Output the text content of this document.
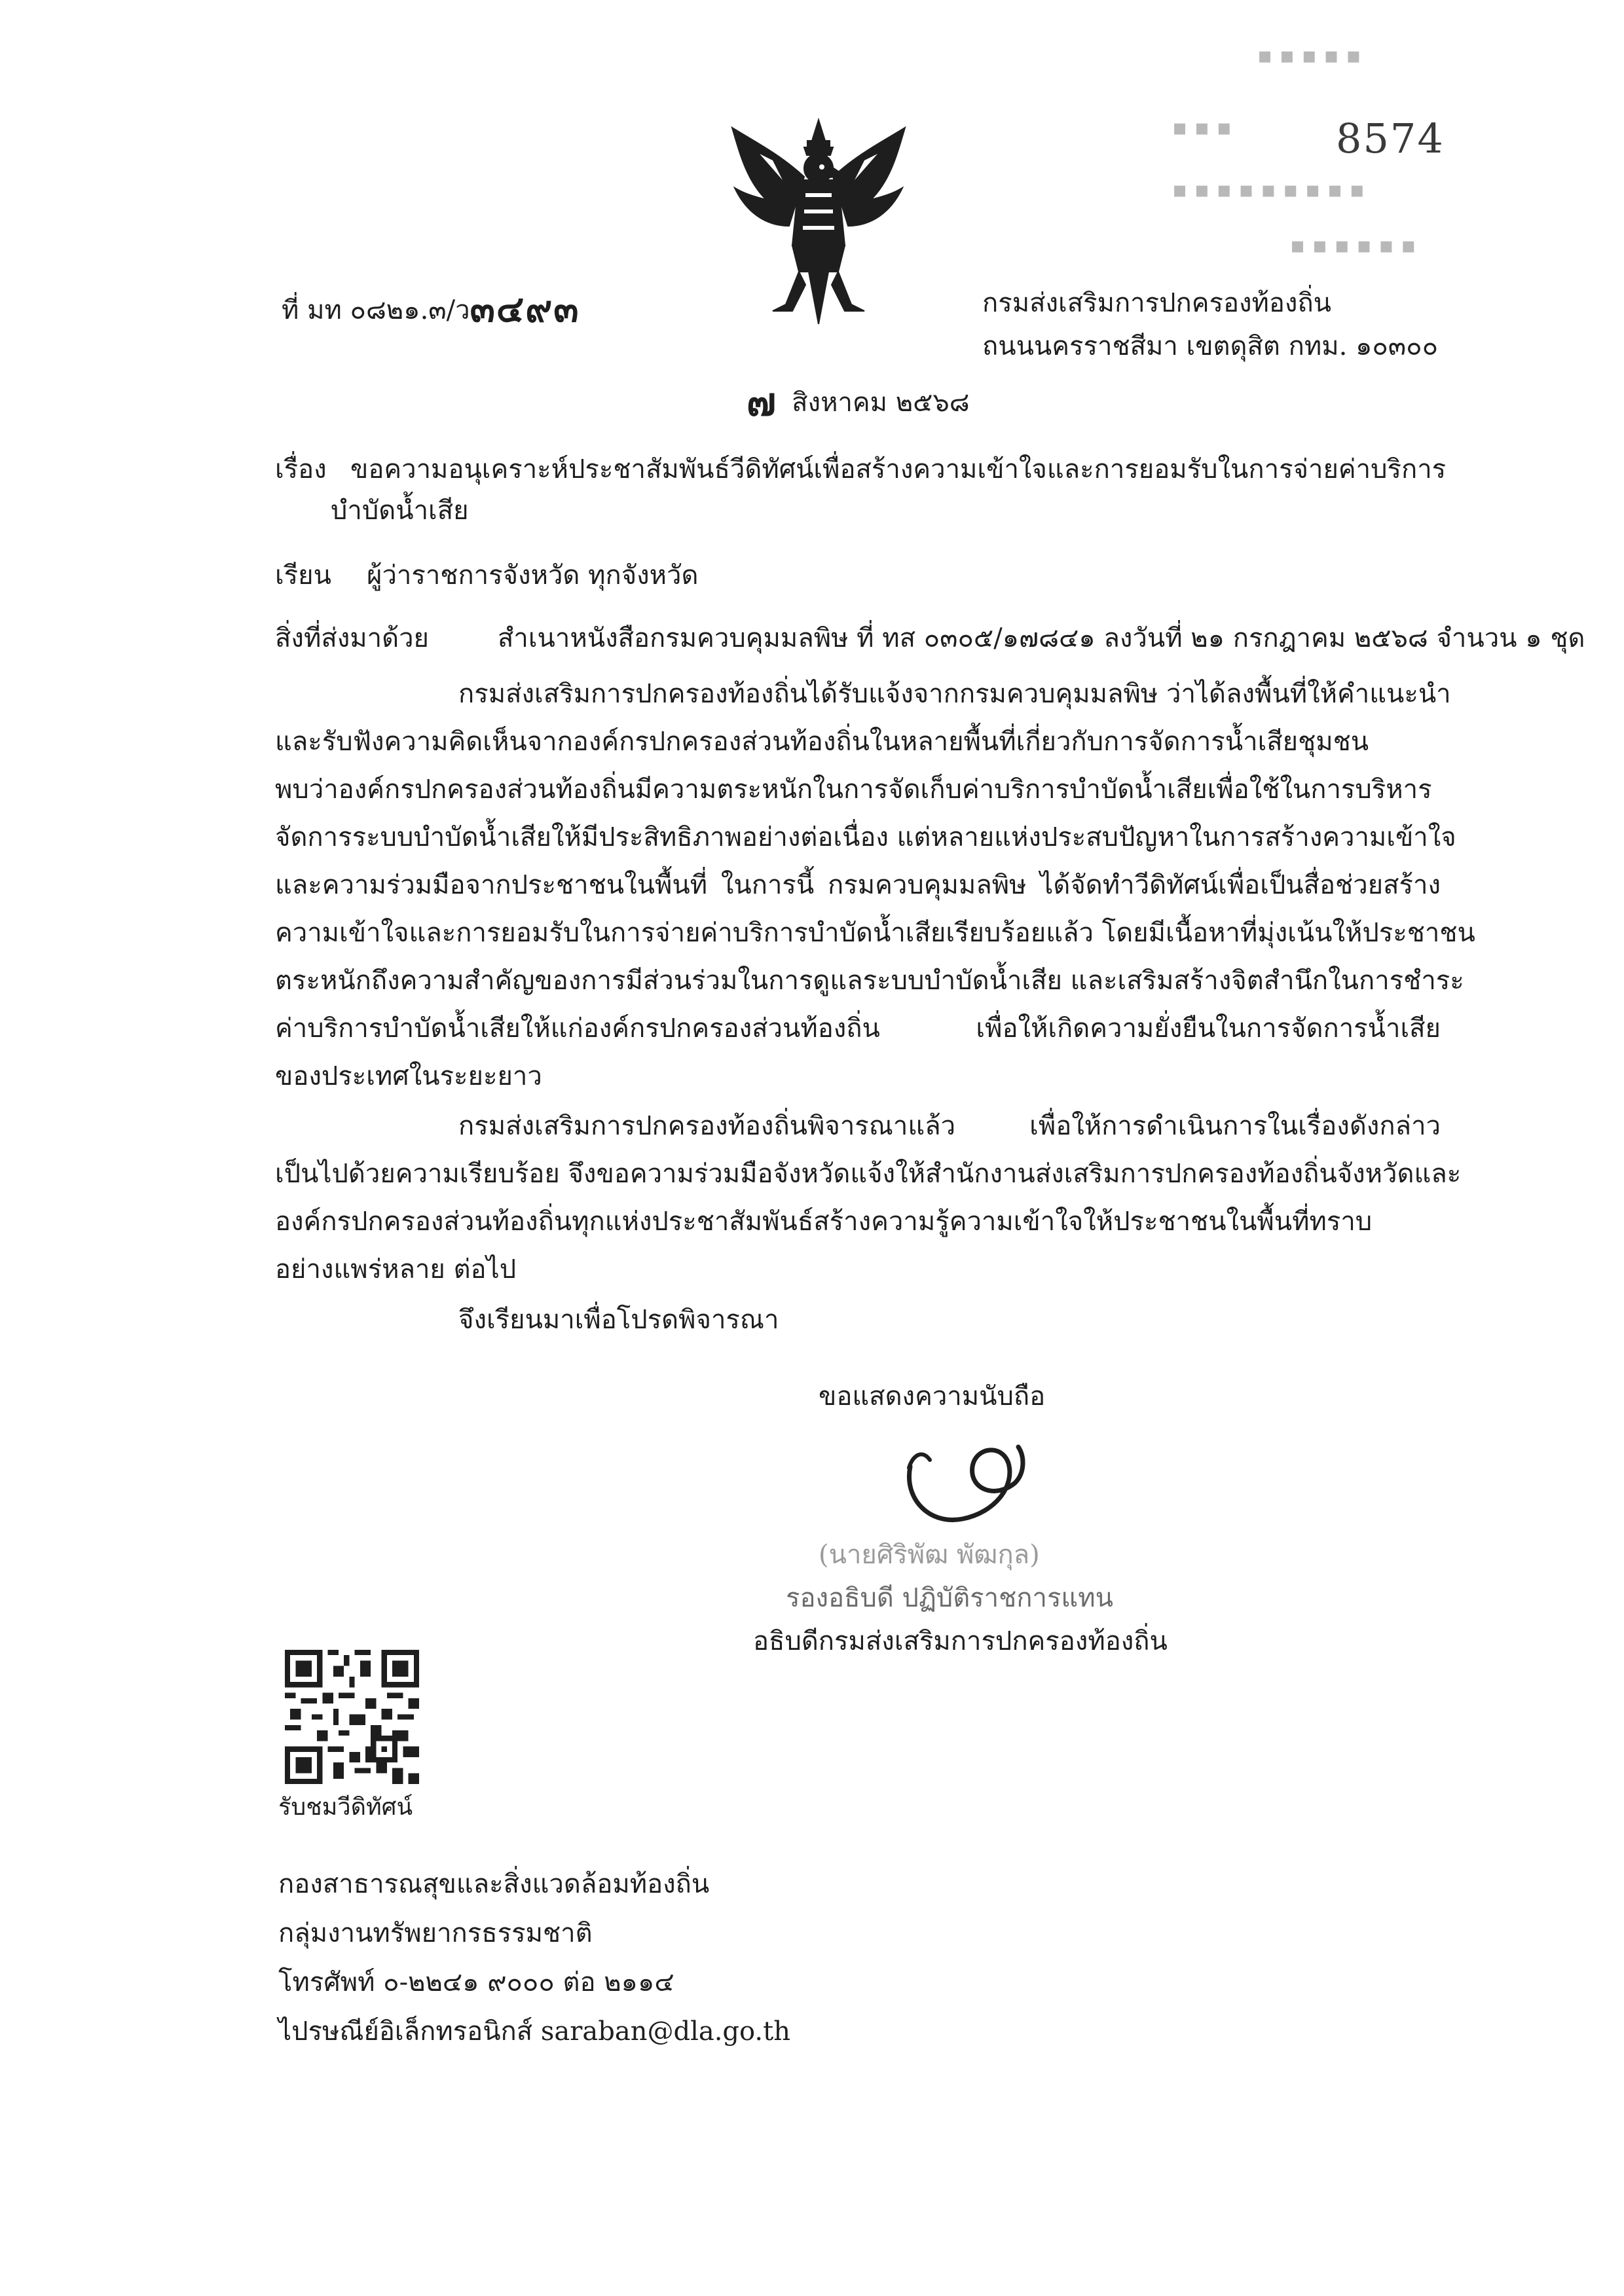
▪ ▪ ▪ ▪ ▪
▪ ▪ ▪	8574
▪ ▪ ▪ ▪ ▪ ▪ ▪ ▪ ▪
▪ ▪ ▪ ▪ ▪ ▪
ที่ มท ๐๘๒๑.๓/ว๓๔๙๓	กรมส่งเสริมการปกครองท้องถิ่น
ถนนนครราชสีมา เขตดุสิต กทม. ๑๐๓๐๐
๗ สิงหาคม ๒๕๖๘
เรื่อง ขอความอนุเคราะห์ประชาสัมพันธ์วีดิทัศน์เพื่อสร้างความเข้าใจและการยอมรับในการจ่ายค่าบริการ
บำบัดน้ำเสีย
เรียน ผู้ว่าราชการจังหวัด ทุกจังหวัด
สิ่งที่ส่งมาด้วย	สำเนาหนังสือกรมควบคุมมลพิษ ที่ ทส ๐๓๐๕/๑๗๘๔๑ ลงวันที่ ๒๑ กรกฎาคม ๒๕๖๘ จำนวน ๑ ชุด
กรมส่งเสริมการปกครองท้องถิ่นได้รับแจ้งจากกรมควบคุมมลพิษ ว่าได้ลงพื้นที่ให้คำแนะนำ
และรับฟังความคิดเห็นจากองค์กรปกครองส่วนท้องถิ่นในหลายพื้นที่เกี่ยวกับการจัดการน้ำเสียชุมชน
พบว่าองค์กรปกครองส่วนท้องถิ่นมีความตระหนักในการจัดเก็บค่าบริการบำบัดน้ำเสียเพื่อใช้ในการบริหาร
จัดการระบบบำบัดน้ำเสียให้มีประสิทธิภาพอย่างต่อเนื่อง แต่หลายแห่งประสบปัญหาในการสร้างความเข้าใจ
และความร่วมมือจากประชาชนในพื้นที่ ในการนี้ กรมควบคุมมลพิษ ได้จัดทำวีดิทัศน์เพื่อเป็นสื่อช่วยสร้าง
ความเข้าใจและการยอมรับในการจ่ายค่าบริการบำบัดน้ำเสียเรียบร้อยแล้ว โดยมีเนื้อหาที่มุ่งเน้นให้ประชาชน
ตระหนักถึงความสำคัญของการมีส่วนร่วมในการดูแลระบบบำบัดน้ำเสีย และเสริมสร้างจิตสำนึกในการชำระ
ค่าบริการบำบัดน้ำเสียให้แก่องค์กรปกครองส่วนท้องถิ่น เพื่อให้เกิดความยั่งยืนในการจัดการน้ำเสีย
ของประเทศในระยะยาว
กรมส่งเสริมการปกครองท้องถิ่นพิจารณาแล้ว เพื่อให้การดำเนินการในเรื่องดังกล่าว
เป็นไปด้วยความเรียบร้อย จึงขอความร่วมมือจังหวัดแจ้งให้สำนักงานส่งเสริมการปกครองท้องถิ่นจังหวัดและ
องค์กรปกครองส่วนท้องถิ่นทุกแห่งประชาสัมพันธ์สร้างความรู้ความเข้าใจให้ประชาชนในพื้นที่ทราบ
อย่างแพร่หลาย ต่อไป
จึงเรียนมาเพื่อโปรดพิจารณา
ขอแสดงความนับถือ
(นายศิริพัฒ พัฒกุล)
รองอธิบดี ปฏิบัติราชการแทน
อธิบดีกรมส่งเสริมการปกครองท้องถิ่น
รับชมวีดิทัศน์
กองสาธารณสุขและสิ่งแวดล้อมท้องถิ่น
กลุ่มงานทรัพยากรธรรมชาติ
โทรศัพท์ ๐-๒๒๔๑ ๙๐๐๐ ต่อ ๒๑๑๔
ไปรษณีย์อิเล็กทรอนิกส์ saraban@dla.go.th
